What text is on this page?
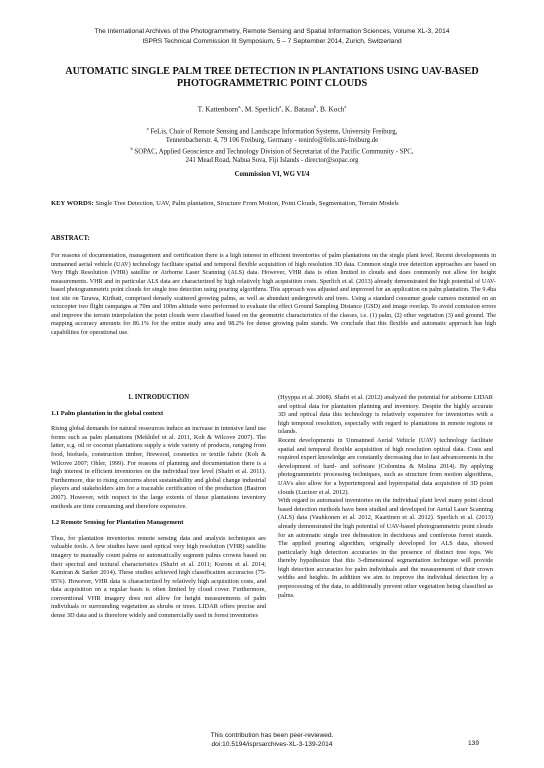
The International Archives of the Photogrammetry, Remote Sensing and Spatial Information Sciences, Volume XL-3, 2014
ISPRS Technical Commission III Symposium, 5 – 7 September 2014, Zurich, Switzerland
AUTOMATIC SINGLE PALM TREE DETECTION IN PLANTATIONS USING UAV-BASED
PHOTOGRAMMETRIC POINT CLOUDS
T. Kattenborn$^{a,}$, M. Sperlich$^a$, K. Bataua$^b$, B. Koch$^a$
$^a$ FeLis, Chair of Remote Sensing and Landscape Information Systems, University Freiburg,
Tennenbacherstr. 4, 79 106 Freiburg, Germany - teninfo@felis.uni-freiburg.de
$^b$ SOPAC, Applied Geoscience and Technology Division of Secretariat of the Pacific Community - SPC,
241 Mead Road, Nabua Suva, Fiji Islands - director@sopac.org
Commission VI, WG VI/4
KEY WORDS: Single Tree Detection, UAV, Palm plantation, Structure From Motion, Point Clouds, Segmentation, Terrain Models
ABSTRACT:
For reasons of documentation, management and certification there is a high interest in efficient inventories of palm plantations on the single plant level. Recent developments in unmanned aerial vehicle (UAV) technology facilitate spatial and temporal flexible acquisition of high resolution 3D data. Common single tree detection approaches are based on Very High Resolution (VHR) satellite or Airborne Laser Scanning (ALS) data. However, VHR data is often limited to clouds and does commonly not allow for height measurements. VHR and in particular ALS data are characterized by high relatively high acquisition costs. Sperlich et al. (2013) already demonstrated the high potential of UAV-based photogrammetric point clouds for single tree detection using pouring algorithms. This approach was adjusted and improved for an application on palm plantation. The 9.4ha test site on Tarawa, Kiribati, comprised densely scattered growing palms, as well as abundant undergrowth and trees. Using a standard consumer grade camera mounted on an octocopter two flight campaigns at 70m and 100m altitude were performed to evaluate the effect Ground Sampling Distance (GSD) and image overlap. To avoid comission errors and improve the terrain interpolation the point clouds were classified based on the geometric characteristics of the classes, i.e. (1) palm, (2) other vegetation (3) and ground. The mapping accuracy amounts for 86.1% for the entire study area and 98.2% for dense growing palm stands. We conclude that this flexible and automatic approach has high capabilities for operational use.
1. INTRODUCTION
1.1 Palm plantation in the global context
Rising global demands for natural ressources induce an increase in intensive land use forms such as palm plantations (Mekhilef et al. 2011, Koh & Wilcove 2007). The latter, e.g. oil or coconut plantations supply a wide variety of products, ranging from food, biofuels, construction timber, firewood, cosmetics or textile fabric (Koh & Wilcove 2007; Ohler, 1999). For reasons of planning and documentation there is a high interest in efficient inventories on the individual tree level (Shafri et al. 2011). Furthermore, due to rising concerns about sustainability and global change industrial players and stakeholders aim for a traceable certification of the production (Basiron 2007). However, with respect to the large extents of those plantations inventory methods are time consuming and therefore expensive.
1.2 Remote Sensing for Plantation Management
Thus, for plantation inventories remote sensing data and analysis techniques are valuable tools. A few studies have used optical very high resolution (VHR) satellite imagery to manually count palms or automatically segment palms crowns based on their spectral and textural characteristics (Shafri et al. 2011; Korom et al. 2014; Kamiran & Sarker 2014). These studies achieved high classification accuracies (75-95%). However, VHR data is characterized by relatively high acquisition costs, and data acquisition on a regular basis is often limited by cloud cover. Furthermore, conventional VHR imagery does not allow for height measurements of palm individuals or surrounding vegetation as shrubs or trees. LIDAR offers precise and dense 3D data and is therefore widely and commercially used in forest inventories
(Hyyppa et al. 2008). Shafri et al. (2012) analyzed the potential for airborne LIDAR and optical data for plantation planning and inventory. Despite the highly accurate 3D and optical data this technology is relatively expensive for inventories with a high temporal resolution, especially with regard to plantations in remote regions or islands.
Recent developments in Unmanned Aerial Vehicle (UAV) technology facilitate spatial and temporal flexible acquisition of high resolution optical data. Costs and required expert knowledge are constantly decreasing due to fast advancements in the development of hard- and software (Colomina & Molina 2014). By applying photogrammetric processing techniques, such as structure from motion algorithms, UAVs also allow for a hypertemporal and hyperspatial data acquistion of 3D point clouds (Lucieer et al. 2012).
With regard to automated inventories on the individual plant level many point cloud based detection methods have been studied and developed for Aerial Laser Scanning (ALS) data (Vauhkonen et al. 2012, Kaartinen et al. 2012). Sperlich et al. (2013) already demonstrated the high potential of UAV-based photogrammetric point clouds for an automatic single tree delineation in deciduous and coniferous forest stands. The applied pouring algorithm, originally developed for ALS data, showed particularly high detection accuracies in the presence of distinct tree tops. We thereby hypothesize that this 3-dimensional segmentation technique will provide high detection accuracies for palm individuals and the measurement of their crown widths and heights. In addition we aim to improve the individual detection by a preprocessing of the data, to additionally prevent other vegetation being classified as palms.
This contribution has been peer-reviewed.
doi:10.5194/isprsarchives-XL-3-139-2014	139
